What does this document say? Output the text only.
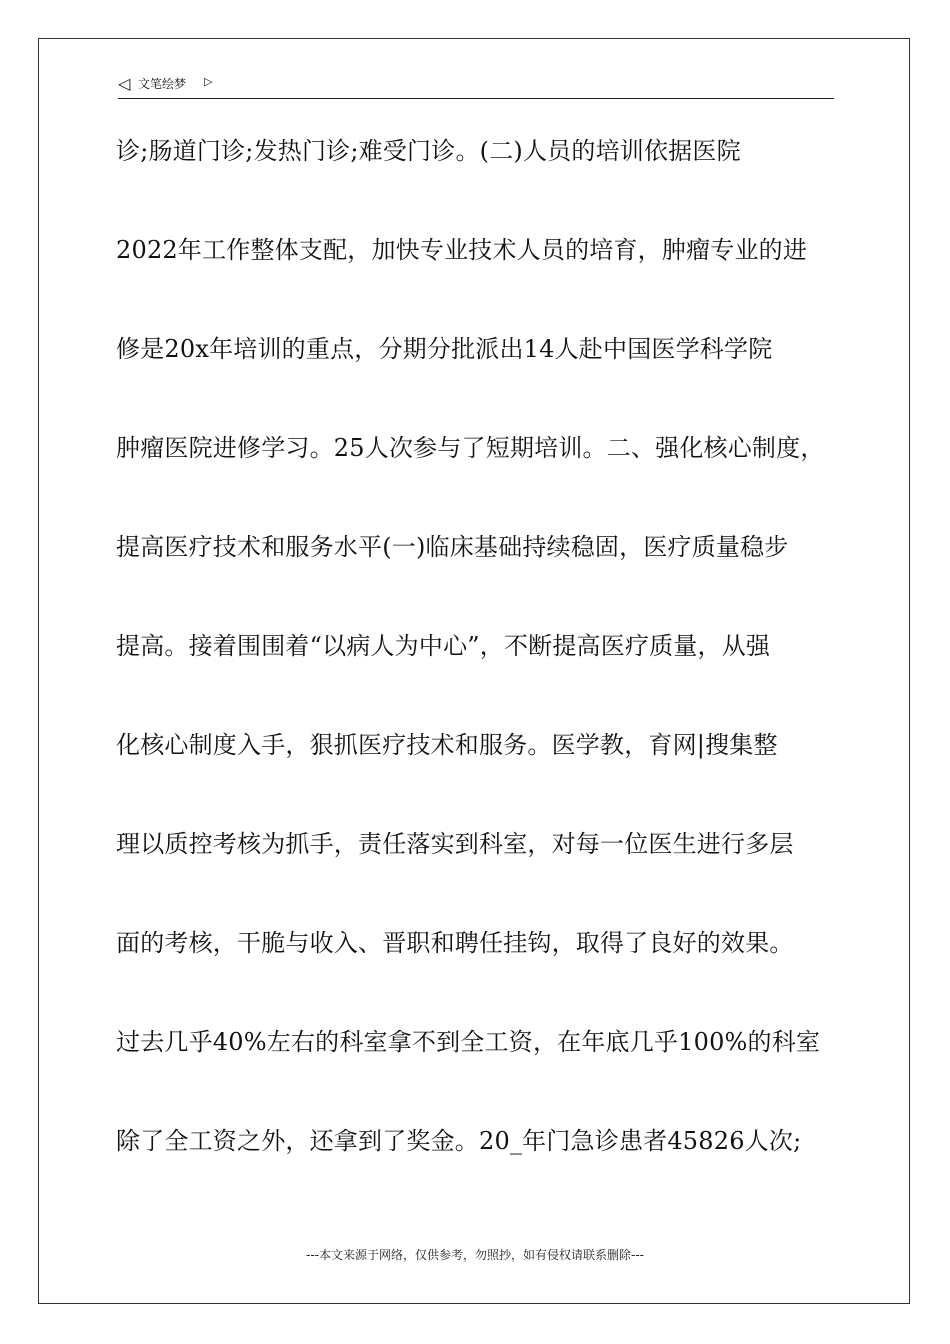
◁ 文笔绘梦 ▷
诊;肠道门诊;发热门诊;难受门诊。(二)人员的培训依据医院
2022年工作整体支配，加快专业技术人员的培育，肿瘤专业的进
修是20x年培训的重点，分期分批派出14人赴中国医学科学院
肿瘤医院进修学习。25人次参与了短期培训。二、强化核心制度，
提高医疗技术和服务水平(一)临床基础持续稳固，医疗质量稳步
提高。接着围围着“以病人为中心”，不断提高医疗质量，从强
化核心制度入手，狠抓医疗技术和服务。医学教，育网|搜集整
理以质控考核为抓手，责任落实到科室，对每一位医生进行多层
面的考核，干脆与收入、晋职和聘任挂钩，取得了良好的效果。
过去几乎40%左右的科室拿不到全工资，在年底几乎100%的科室
除了全工资之外，还拿到了奖金。20_年门急诊患者45826人次;
---本文来源于网络，仅供参考，勿照抄，如有侵权请联系删除---
